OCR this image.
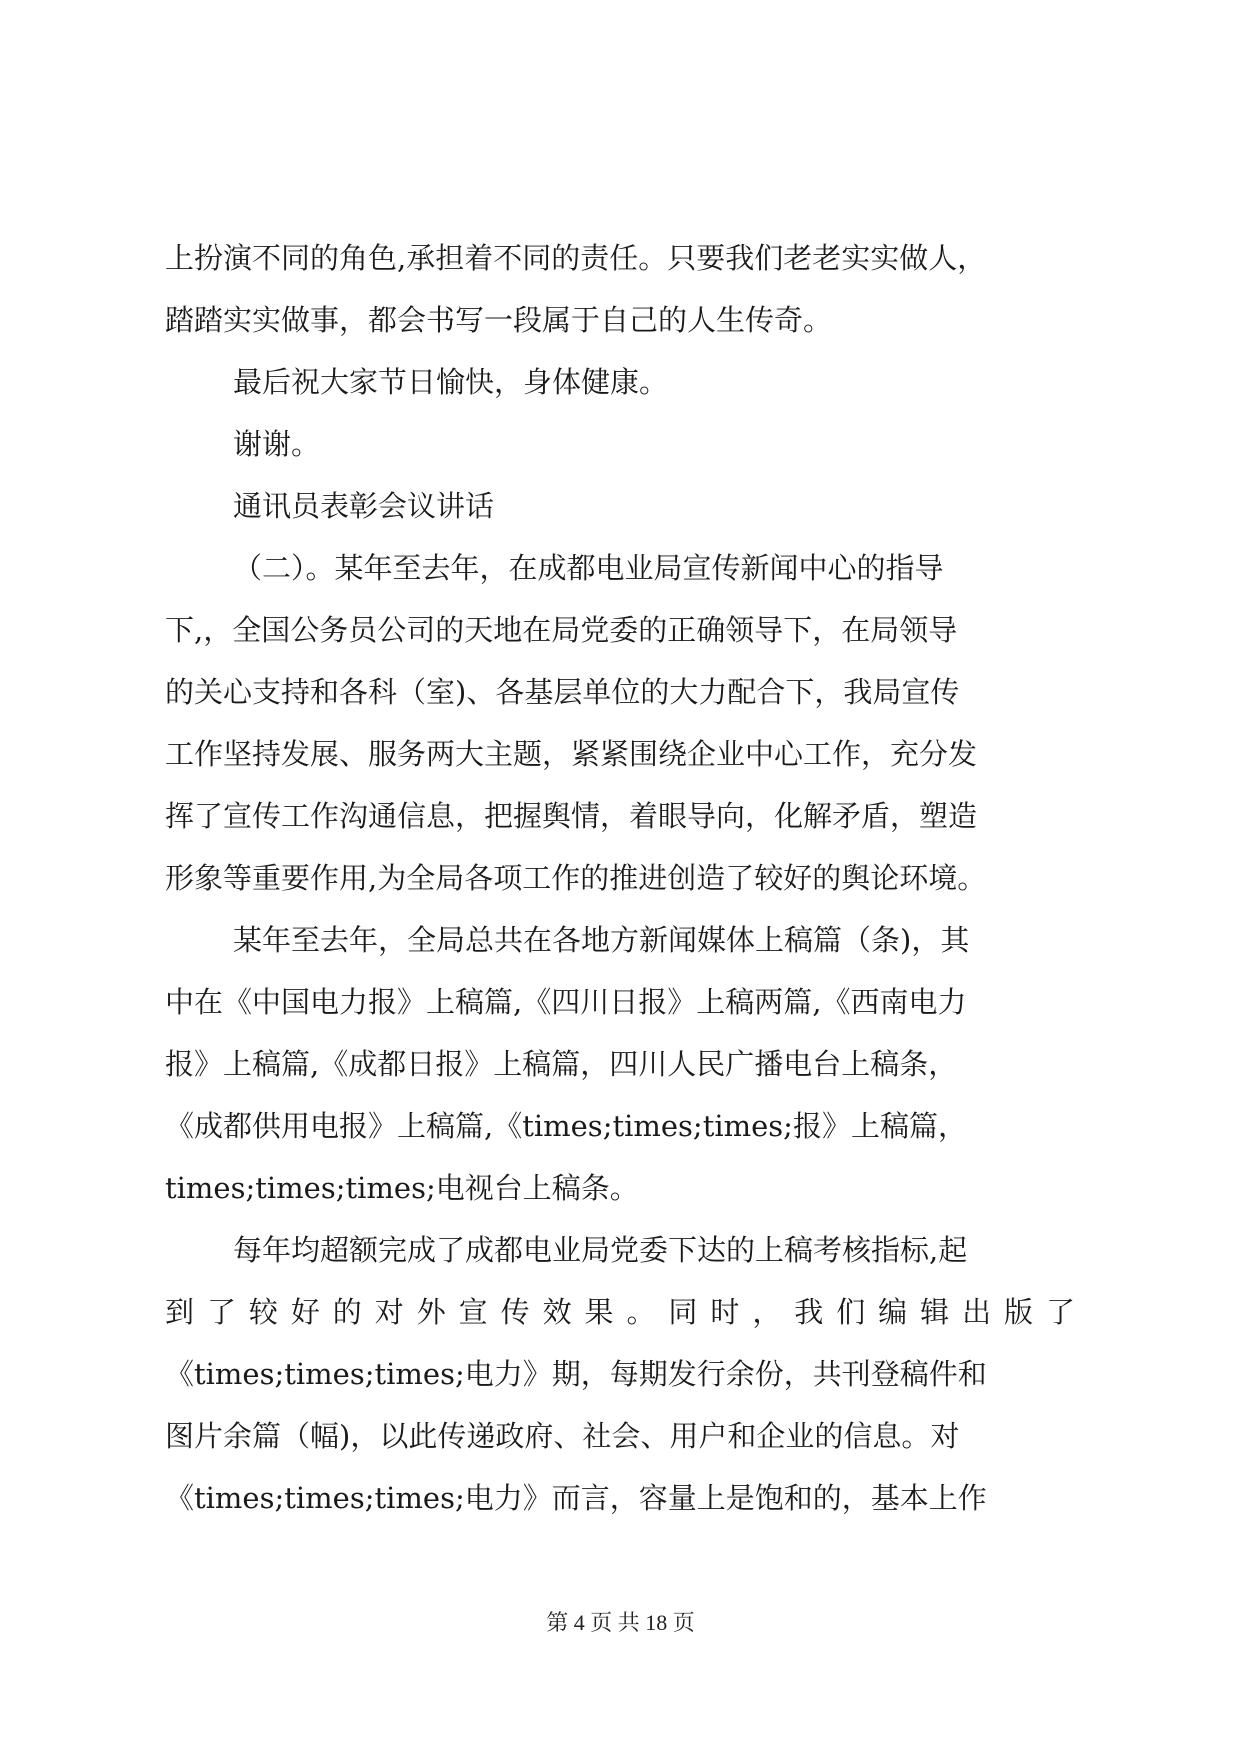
上扮演不同的角色,承担着不同的责任。只要我们老老实实做人，
踏踏实实做事，都会书写一段属于自己的人生传奇。
最后祝大家节日愉快，身体健康。
谢谢。
通讯员表彰会议讲话
（二）。某年至去年，在成都电业局宣传新闻中心的指导
下,，全国公务员公司的天地在局党委的正确领导下，在局领导
的关心支持和各科（室)、各基层单位的大力配合下，我局宣传
工作坚持发展、服务两大主题，紧紧围绕企业中心工作，充分发
挥了宣传工作沟通信息，把握舆情，着眼导向，化解矛盾，塑造
形象等重要作用,为全局各项工作的推进创造了较好的舆论环境。
某年至去年，全局总共在各地方新闻媒体上稿篇（条)，其
中在《中国电力报》上稿篇,《四川日报》上稿两篇,《西南电力
报》上稿篇,《成都日报》上稿篇，四川人民广播电台上稿条，
《成都供用电报》上稿篇,《times;times;times;报》上稿篇，
times;times;times;电视台上稿条。
每年均超额完成了成都电业局党委下达的上稿考核指标,起
到了较好的对外宣传效果。同时，我们编辑出版了
《times;times;times;电力》期，每期发行余份，共刊登稿件和
图片余篇（幅)，以此传递政府、社会、用户和企业的信息。对
《times;times;times;电力》而言，容量上是饱和的，基本上作
第 4 页 共 18 页
